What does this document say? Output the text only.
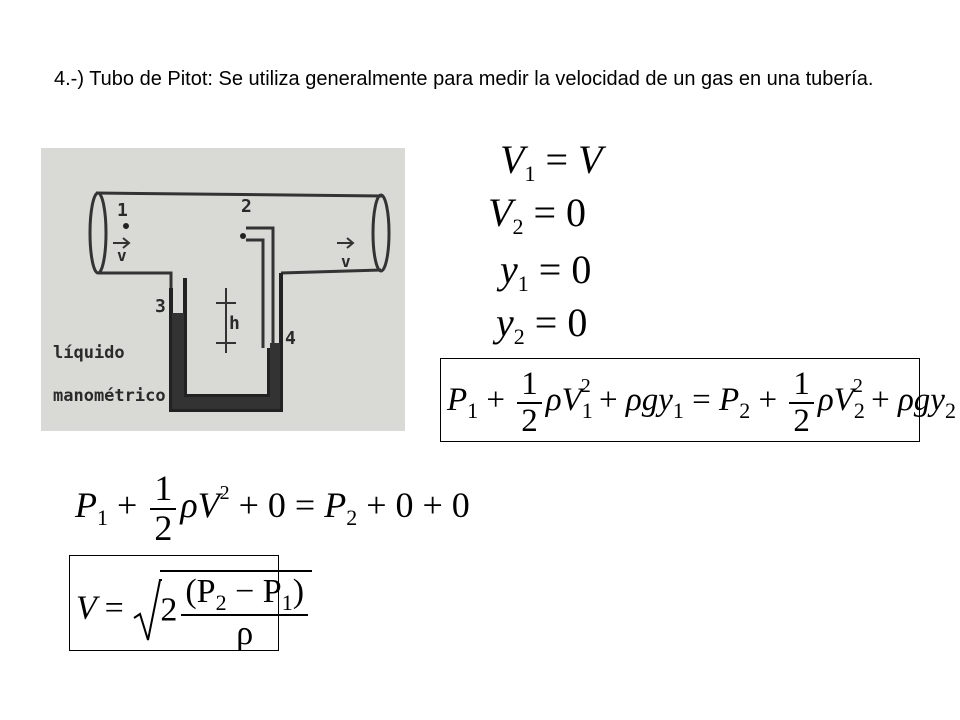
4.-) Tubo de Pitot: Se utiliza generalmente para medir la velocidad de un gas en una tubería.
1	2
3
4
h
v	v
líquido
manométrico
$V_1 = V$
$V_2 = 0$
$y_1 = 0$
$y_2 = 0$
$P_1 + \frac{1}{2} \rho V_1^2 + \rho gy_1 = P_2 + \frac{1}{2} \rho V_2^2 + \rho gy_2$
$P_1 + \frac{1}{2} \rho V^2 + 0 = P_2 + 0 + 0$
$V = 2 \frac{(P_2 - P_1)}{\rho}$
